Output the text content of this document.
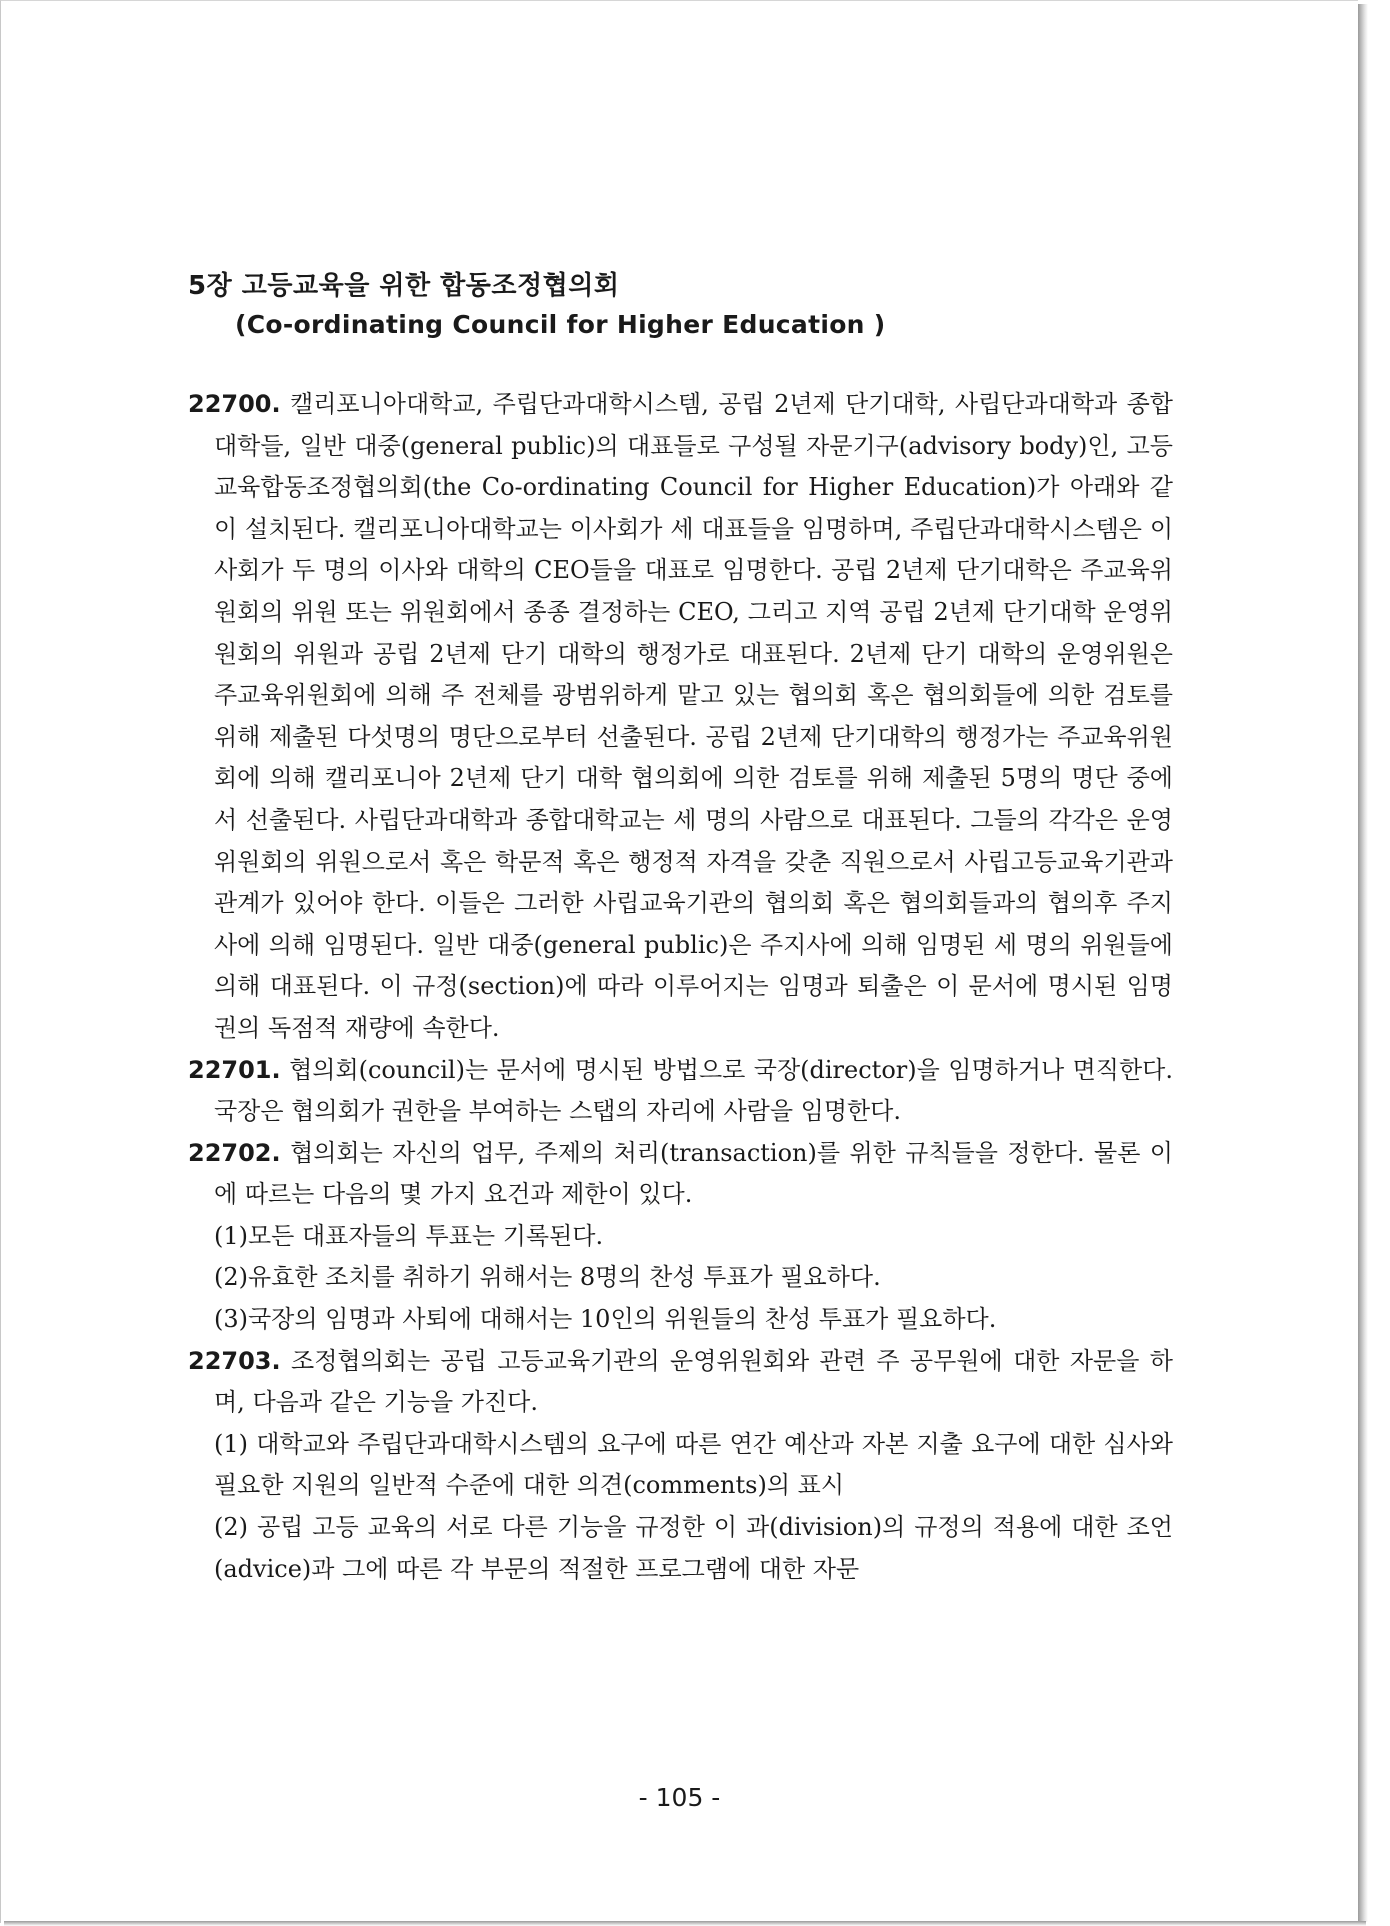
5장 고등교육을 위한 합동조정협의회
(Co-ordinating Council for Higher Education )

22700. 캘리포니아대학교, 주립단과대학시스템, 공립 2년제 단기대학, 사립단과대학과 종합대학들, 일반 대중(general public)의 대표들로 구성될 자문기구(advisory body)인, 고등교육합동조정협의회(the Co-ordinating Council for Higher Education)가 아래와 같이 설치된다. 캘리포니아대학교는 이사회가 세 대표들을 임명하며, 주립단과대학시스템은 이사회가 두 명의 이사와 대학의 CEO들을 대표로 임명한다. 공립 2년제 단기대학은 주교육위원회의 위원 또는 위원회에서 종종 결정하는 CEO, 그리고 지역 공립 2년제 단기대학 운영위원회의 위원과 공립 2년제 단기 대학의 행정가로 대표된다. 2년제 단기 대학의 운영위원은 주교육위원회에 의해 주 전체를 광범위하게 맡고 있는 협의회 혹은 협의회들에 의한 검토를 위해 제출된 다섯명의 명단으로부터 선출된다. 공립 2년제 단기대학의 행정가는 주교육위원회에 의해 캘리포니아 2년제 단기 대학 협의회에 의한 검토를 위해 제출된 5명의 명단 중에서 선출된다. 사립단과대학과 종합대학교는 세 명의 사람으로 대표된다. 그들의 각각은 운영위원회의 위원으로서 혹은 학문적 혹은 행정적 자격을 갖춘 직원으로서 사립고등교육기관과 관계가 있어야 한다. 이들은 그러한 사립교육기관의 협의회 혹은 협의회들과의 협의후 주지사에 의해 임명된다. 일반 대중(general public)은 주지사에 의해 임명된 세 명의 위원들에 의해 대표된다. 이 규정(section)에 따라 이루어지는 임명과 퇴출은 이 문서에 명시된 임명권의 독점적 재량에 속한다.

22701. 협의회(council)는 문서에 명시된 방법으로 국장(director)을 임명하거나 면직한다. 국장은 협의회가 권한을 부여하는 스탭의 자리에 사람을 임명한다.

22702. 협의회는 자신의 업무, 주제의 처리(transaction)를 위한 규칙들을 정한다. 물론 이에 따르는 다음의 몇 가지 요건과 제한이 있다.

(1)모든 대표자들의 투표는 기록된다.

(2)유효한 조치를 취하기 위해서는 8명의 찬성 투표가 필요하다.

(3)국장의 임명과 사퇴에 대해서는 10인의 위원들의 찬성 투표가 필요하다.

22703. 조정협의회는 공립 고등교육기관의 운영위원회와 관련 주 공무원에 대한 자문을 하며, 다음과 같은 기능을 가진다.

(1) 대학교와 주립단과대학시스템의 요구에 따른 연간 예산과 자본 지출 요구에 대한 심사와 필요한 지원의 일반적 수준에 대한 의견(comments)의 표시

(2) 공립 고등 교육의 서로 다른 기능을 규정한 이 과(division)의 규정의 적용에 대한 조언(advice)과 그에 따른 각 부문의 적절한 프로그램에 대한 자문

- 105 -
